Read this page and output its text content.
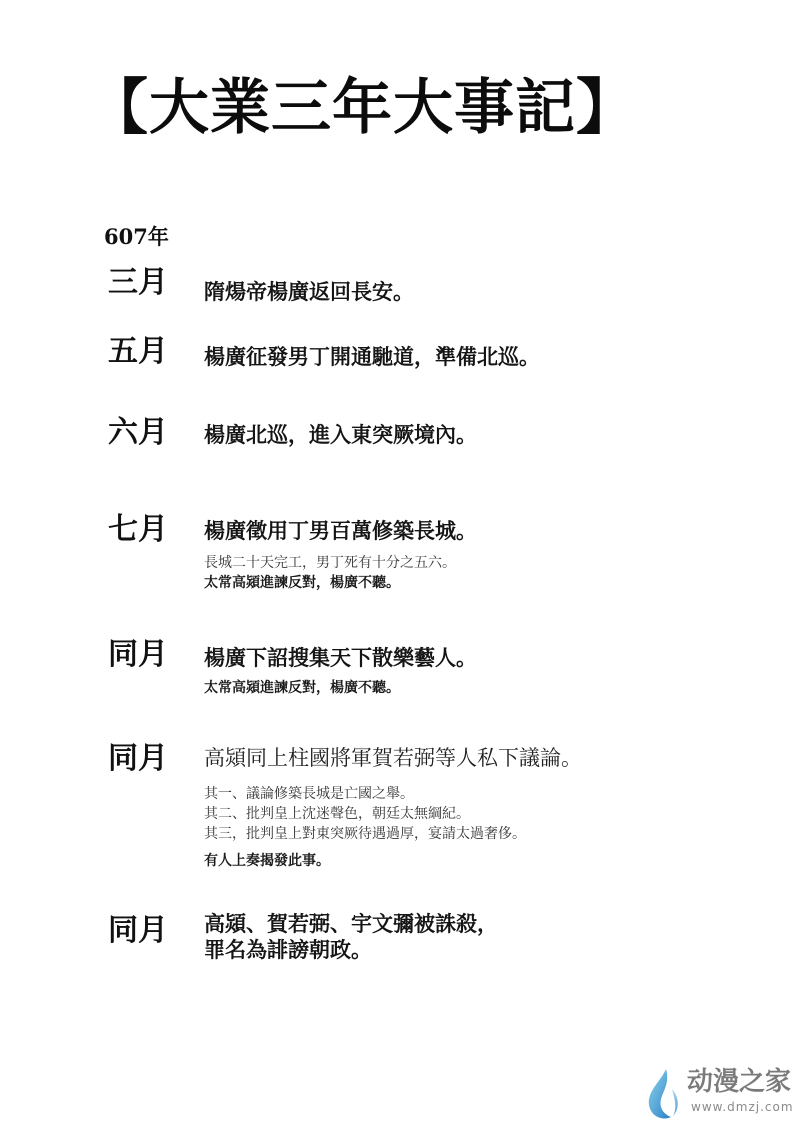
【大業三年大事記】
607年
三月 隋煬帝楊廣返回長安。
五月 楊廣征發男丁開通馳道，準備北巡。
六月 楊廣北巡，進入東突厥境內。
七月 楊廣徵用丁男百萬修築長城。
長城二十天完工，男丁死有十分之五六。
太常高熲進諫反對，楊廣不聽。
同月 楊廣下詔搜集天下散樂藝人。
太常高熲進諫反對，楊廣不聽。
同月 高熲同上柱國將軍賀若弼等人私下議論。
其一、議論修築長城是亡國之舉。
其二、批判皇上沈迷聲色，朝廷太無綱紀。
其三，批判皇上對東突厥待遇過厚，宴請太過奢侈。
有人上奏揭發此事。
同月 高熲、賀若弼、宇文彌被誅殺，
罪名為誹謗朝政。
动漫之家
www.dmzj.com
